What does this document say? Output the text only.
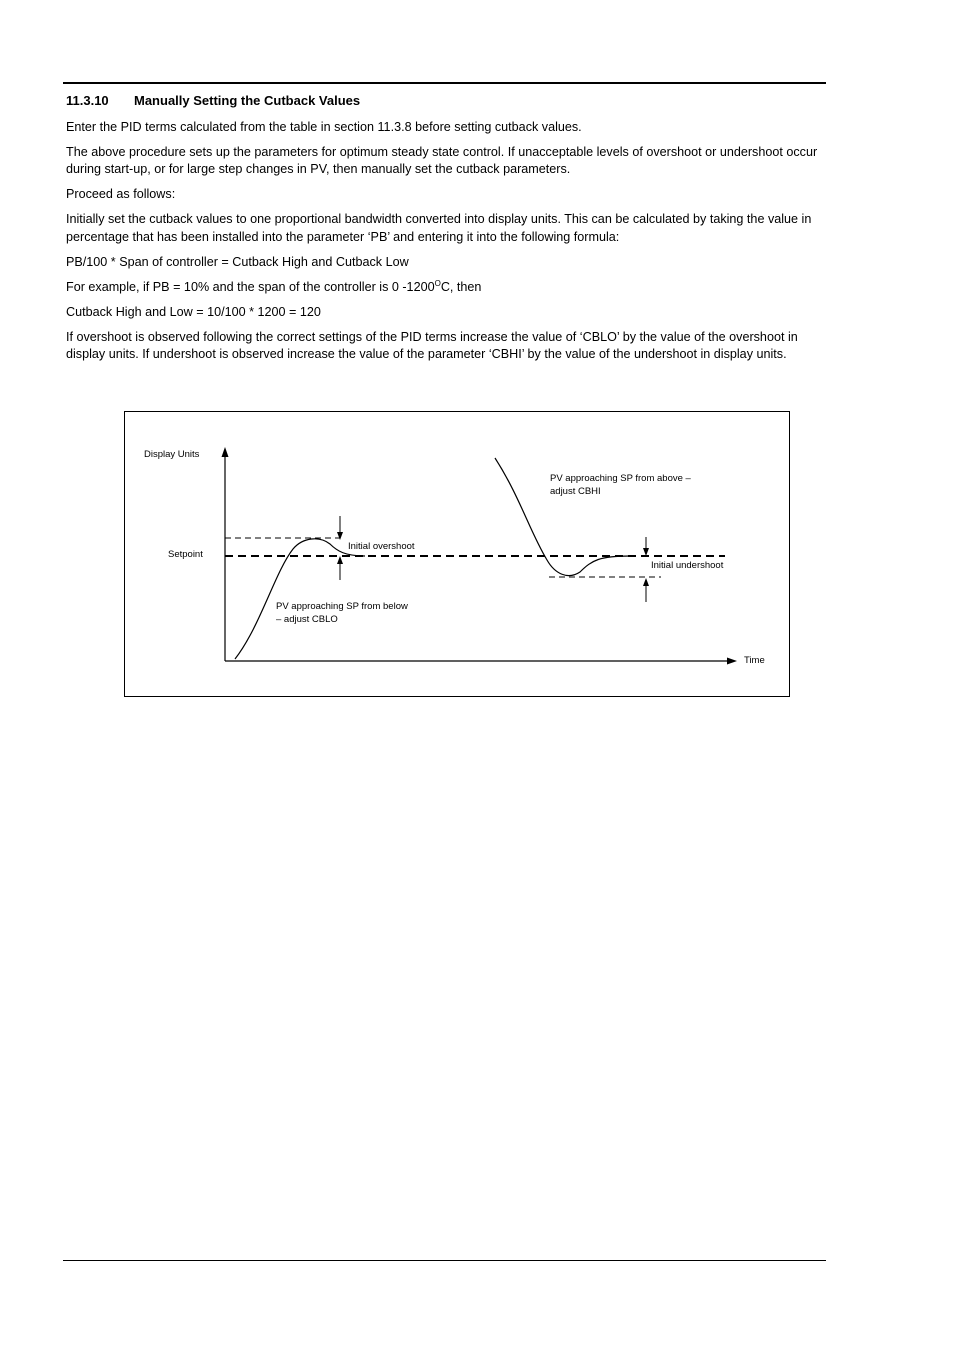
11.3.10 Manually Setting the Cutback Values

Enter the PID terms calculated from the table in section 11.3.8 before setting cutback values.

The above procedure sets up the parameters for optimum steady state control. If unacceptable levels of overshoot or undershoot occur during start-up, or for large step changes in PV, then manually set the cutback parameters.

Proceed as follows:

Initially set the cutback values to one proportional bandwidth converted into display units. This can be calculated by taking the value in percentage that has been installed into the parameter ‘PB’ and entering it into the following formula:

PB/100 * Span of controller = Cutback High and Cutback Low

For example, if PB = 10% and the span of the controller is 0 $-1200^OC$, then

Cutback High and Low = 10/100 * 1200 = 120

If overshoot is observed following the correct settings of the PID terms increase the value of ‘CBLO’ by the value of the overshoot in display units. If undershoot is observed increase the value of the parameter ‘CBHI’ by the value of the undershoot in display units.

Display Units
Setpoint
Time
Initial overshoot
Initial undershoot
PV approaching SP from below
– adjust CBLO
PV approaching SP from above –
adjust CBHI
